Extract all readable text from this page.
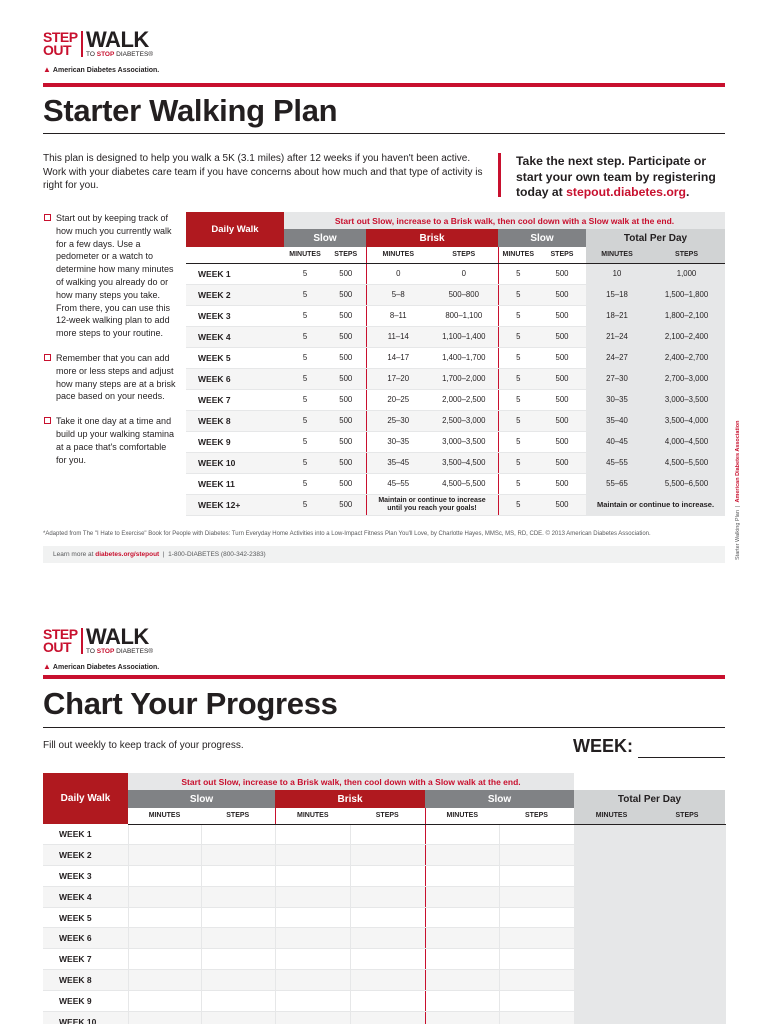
STEP
OUT WALK
TO STOP DIABETES®
▲ American Diabetes Association.
Starter Walking Plan

This plan is designed to help you walk a 5K (3.1 miles) after 12 weeks if you haven't been active. Work with your diabetes care team if you have concerns about how much and that type of activity is right for you.

Take the next step. Participate or start your own team by registering today at stepout.diabetes.org.

Start out by keeping track of how much you currently walk for a few days. Use a pedometer or a watch to determine how many minutes of walking you already do or how many steps you take. From there, you can use this 12-week walking plan to add more steps to your routine.
Remember that you can add more or less steps and adjust how many steps are at a brisk pace based on your needs.
Take it one day at a time and build up your walking stamina at a pace that's comfortable for you.
Daily Walk	Start out Slow, increase to a Brisk walk, then cool down with a Slow walk at the end.							
	Slow		Brisk		Slow		Total Per Day	
	MINUTES	STEPS	MINUTES	STEPS	MINUTES	STEPS	MINUTES	STEPS
WEEK 1	5	500	0	0	5	500	10	1,000
WEEK 2	5	500	5–8	500–800	5	500	15–18	1,500–1,800
WEEK 3	5	500	8–11	800–1,100	5	500	18–21	1,800–2,100
WEEK 4	5	500	11–14	1,100–1,400	5	500	21–24	2,100–2,400
WEEK 5	5	500	14–17	1,400–1,700	5	500	24–27	2,400–2,700
WEEK 6	5	500	17–20	1,700–2,000	5	500	27–30	2,700–3,000
WEEK 7	5	500	20–25	2,000–2,500	5	500	30–35	3,000–3,500
WEEK 8	5	500	25–30	2,500–3,000	5	500	35–40	3,500–4,000
WEEK 9	5	500	30–35	3,000–3,500	5	500	40–45	4,000–4,500
WEEK 10	5	500	35–45	3,500–4,500	5	500	45–55	4,500–5,500
WEEK 11	5	500	45–55	4,500–5,500	5	500	55–65	5,500–6,500
WEEK 12+	5	500	Maintain or continue to increase
until you reach your goals!		5	500	Maintain or continue to increase.	

*Adapted from The "I Hate to Exercise" Book for People with Diabetes: Turn Everyday Home Activities into a Low-Impact Fitness Plan You'll Love, by Charlotte Hayes, MMSc, MS, RD, CDE. © 2013 American Diabetes Association.

Learn more at diabetes.org/stepout | 1-800-DIABETES (800-342-2383)	Starter Walking Plan  |  American Diabetes Association
STEP
OUT WALK
TO STOP DIABETES®
▲ American Diabetes Association.
Chart Your Progress

Fill out weekly to keep track of your progress.	WEEK:
Daily Walk	Start out Slow, increase to a Brisk walk, then cool down with a Slow walk at the end.							
	Slow		Brisk		Slow		Total Per Day	
	MINUTES	STEPS	MINUTES	STEPS	MINUTES	STEPS	MINUTES	STEPS
WEEK 1								
WEEK 2								
WEEK 3								
WEEK 4								
WEEK 5								
WEEK 6								
WEEK 7								
WEEK 8								
WEEK 9								
WEEK 10								
